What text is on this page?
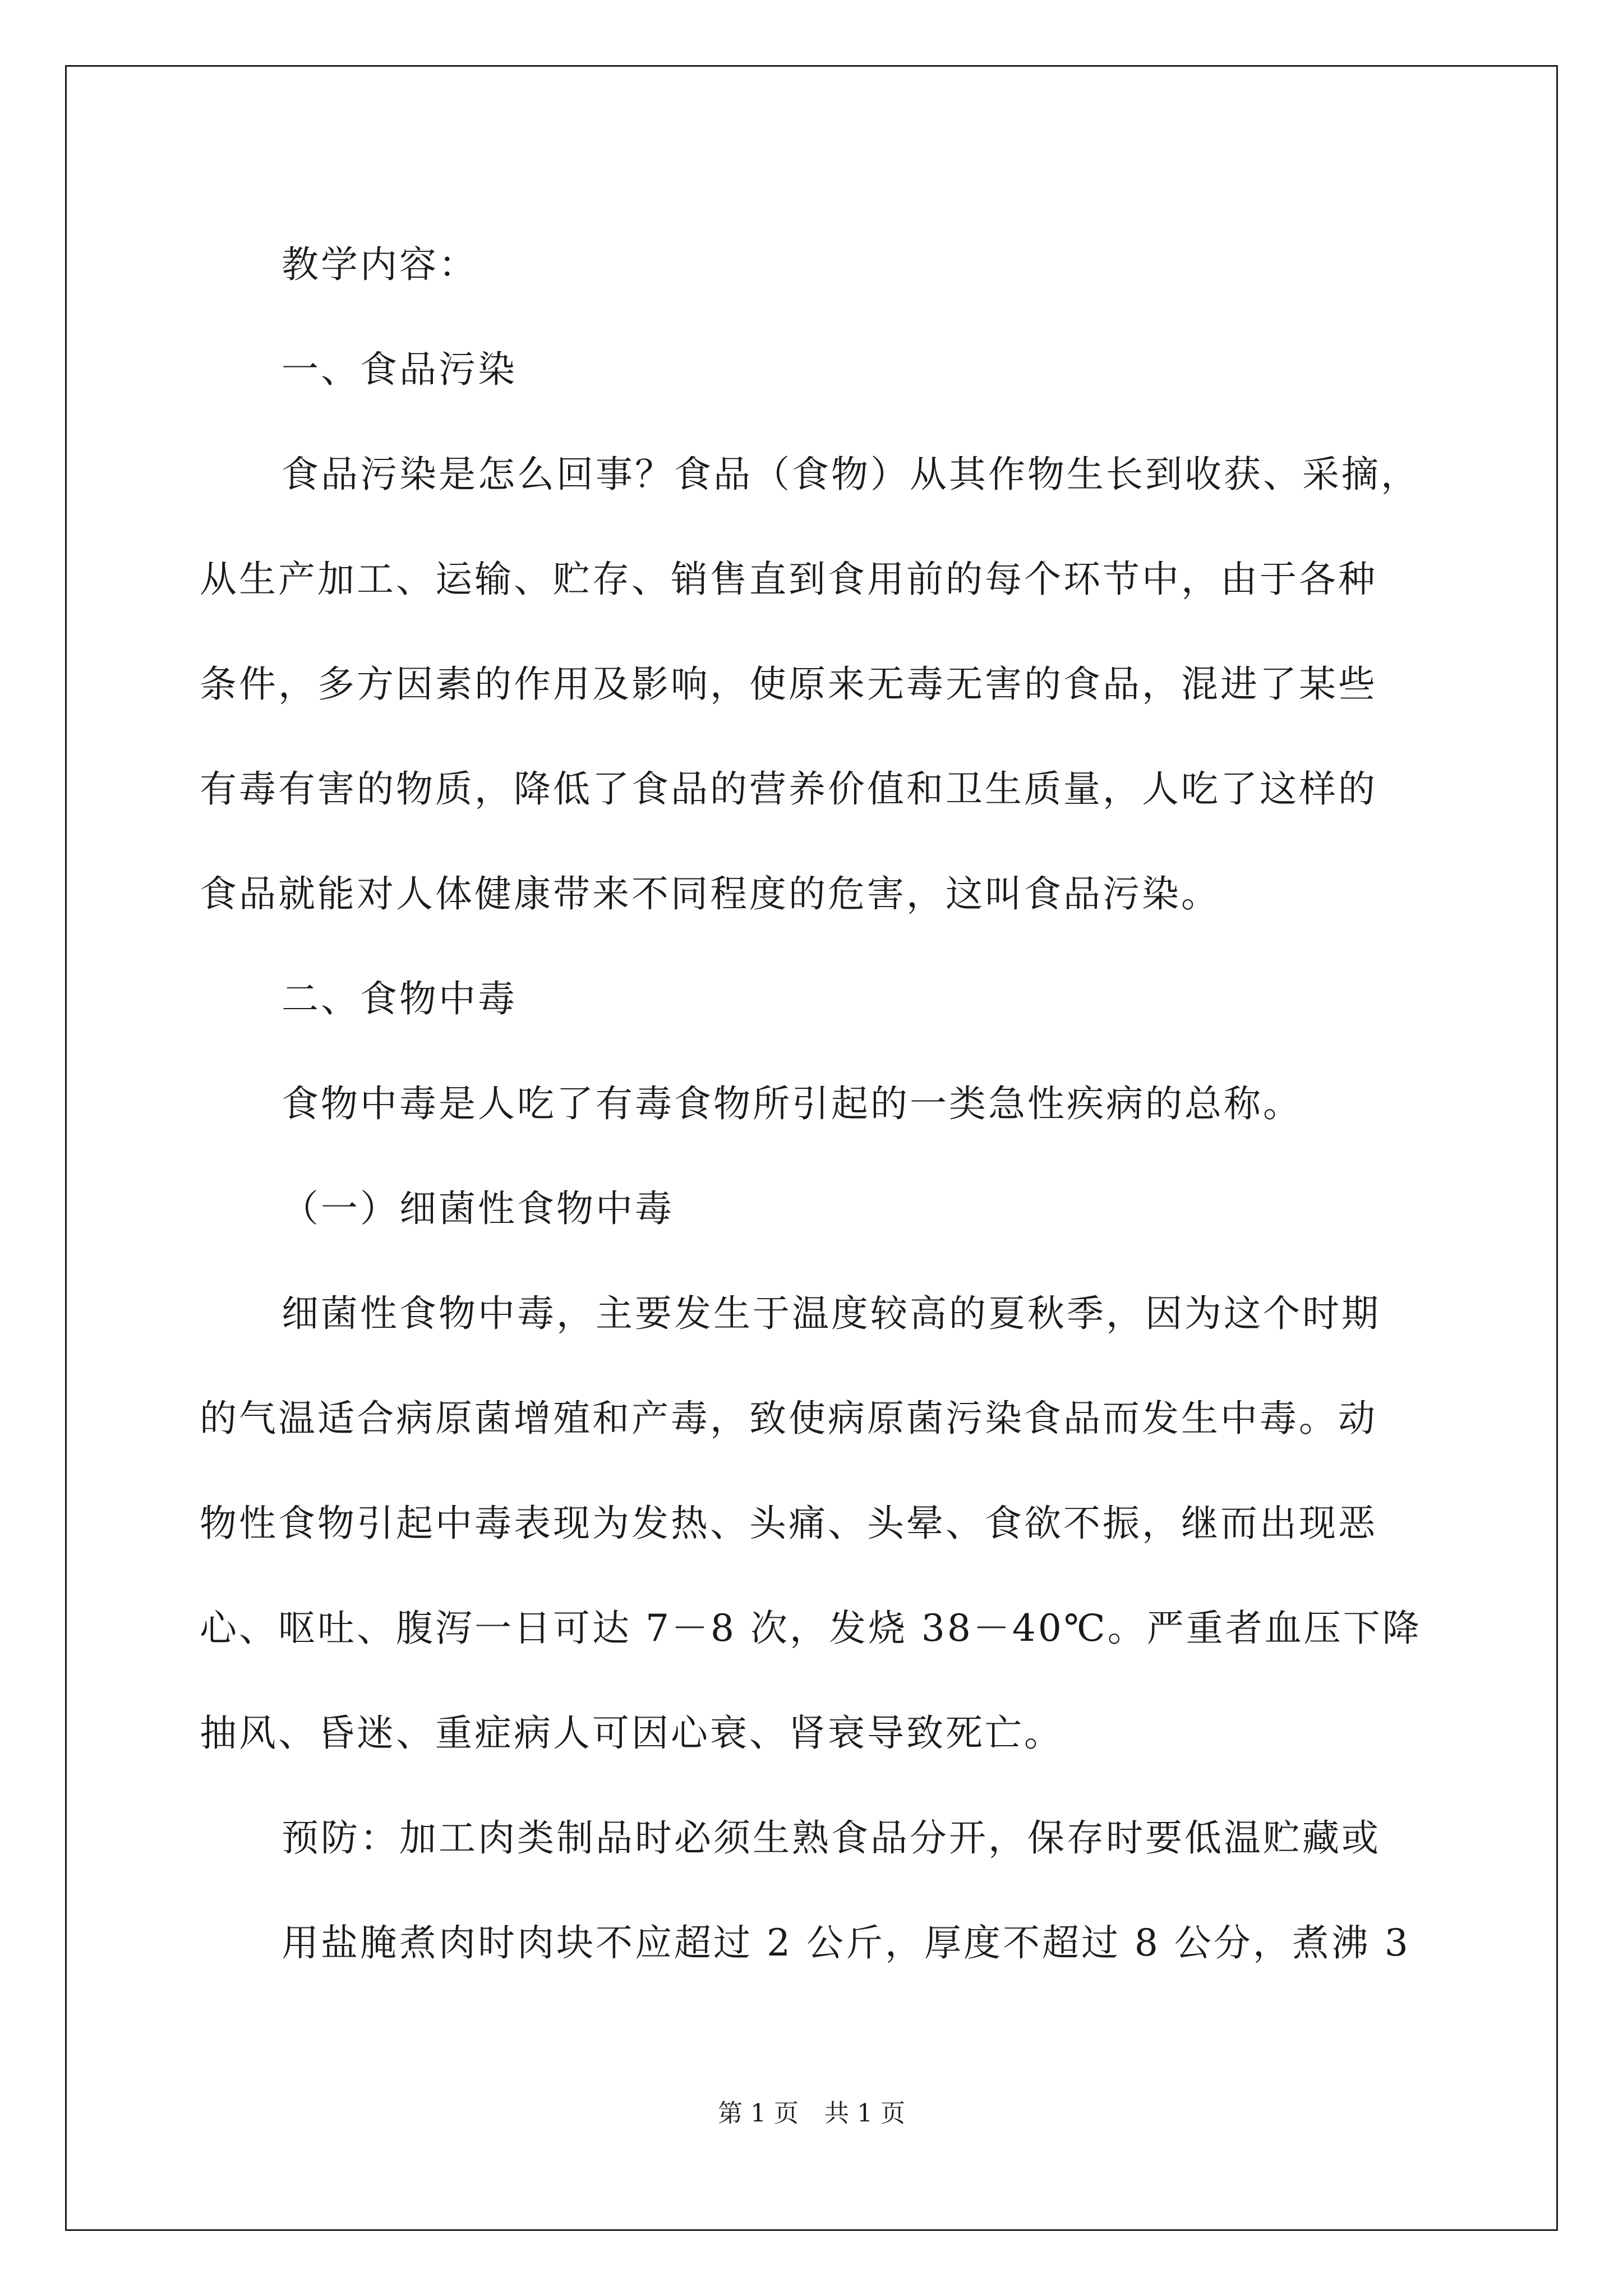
教学内容：
一、食品污染
食品污染是怎么回事？食品（食物）从其作物生长到收获、采摘，
从生产加工、运输、贮存、销售直到食用前的每个环节中，由于各种
条件，多方因素的作用及影响，使原来无毒无害的食品，混进了某些
有毒有害的物质，降低了食品的营养价值和卫生质量，人吃了这样的
食品就能对人体健康带来不同程度的危害，这叫食品污染。
二、食物中毒
食物中毒是人吃了有毒食物所引起的一类急性疾病的总称。
（一）细菌性食物中毒
细菌性食物中毒，主要发生于温度较高的夏秋季，因为这个时期
的气温适合病原菌增殖和产毒，致使病原菌污染食品而发生中毒。动
物性食物引起中毒表现为发热、头痛、头晕、食欲不振，继而出现恶
心、呕吐、腹泻一日可达 7－8 次，发烧 38－40℃。严重者血压下降
抽风、昏迷、重症病人可因心衰、肾衰导致死亡。
预防：加工肉类制品时必须生熟食品分开，保存时要低温贮藏或
用盐腌煮肉时肉块不应超过 2 公斤，厚度不超过 8 公分，煮沸 3
第 1 页 共 1 页
